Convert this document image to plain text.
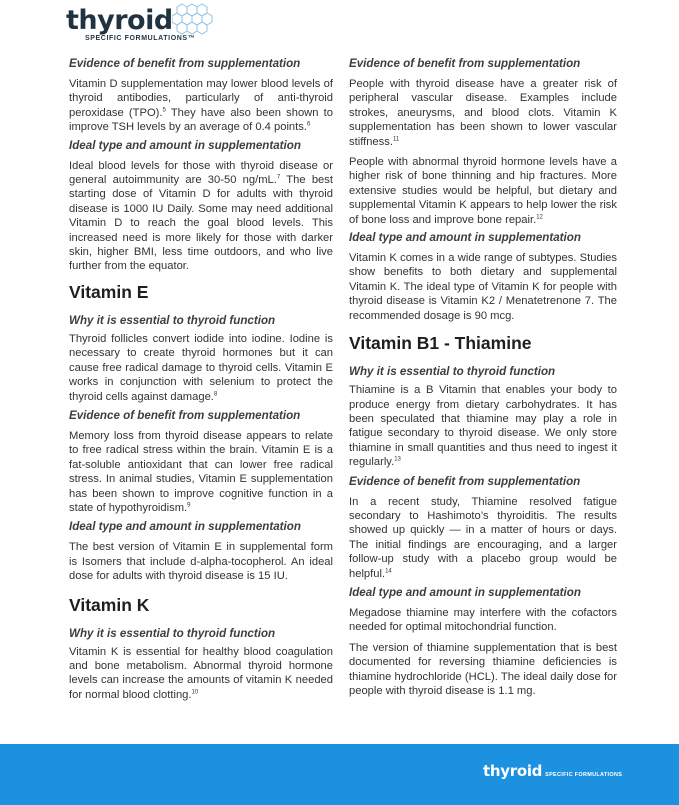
thyroid
SPECIFIC FORMULATIONS™
Evidence of benefit from supplementation

Vitamin D supplementation may lower blood levels of thyroid antibodies, particularly of anti-thyroid peroxidase (TPO).$^5$ They have also been shown to improve TSH levels by an average of 0.4 points.$^6$

Ideal type and amount in supplementation

Ideal blood levels for those with thyroid disease or general autoimmunity are 30-50 ng/mL.$^7$ The best starting dose of Vitamin D for adults with thyroid disease is 1000 IU Daily. Some may need additional Vitamin D to reach the goal blood levels. This increased need is more likely for those with darker skin, higher BMI, less time outdoors, and who live further from the equator.

Vitamin E
Why it is essential to thyroid function

Thyroid follicles convert iodide into iodine. Iodine is necessary to create thyroid hormones but it can cause free radical damage to thyroid cells. Vitamin E works in conjunction with selenium to protect the thyroid cells against damage.$^8$

Evidence of benefit from supplementation

Memory loss from thyroid disease appears to relate to free radical stress within the brain. Vitamin E is a fat-soluble antioxidant that can lower free radical stress. In animal studies, Vitamin E supplementation has been shown to improve cognitive function in a state of hypothyroidism.$^9$

Ideal type and amount in supplementation

The best version of Vitamin E in supplemental form is Isomers that include d-alpha-tocopherol. An ideal dose for adults with thyroid disease is 15 IU.

Vitamin K
Why it is essential to thyroid function

Vitamin K is essential for healthy blood coagulation and bone metabolism. Abnormal thyroid hormone levels can increase the amounts of vitamin K needed for normal blood clotting.$^{10}$

Evidence of benefit from supplementation

People with thyroid disease have a greater risk of peripheral vascular disease. Examples include strokes, aneurysms, and blood clots. Vitamin K supplementation has been shown to lower vascular stiffness.$^{11}$

People with abnormal thyroid hormone levels have a higher risk of bone thinning and hip fractures. More extensive studies would be helpful, but dietary and supplemental Vitamin K appears to help lower the risk of bone loss and improve bone repair.$^{12}$

Ideal type and amount in supplementation

Vitamin K comes in a wide range of subtypes. Studies show benefits to both dietary and supplemental Vitamin K. The ideal type of Vitamin K for people with thyroid disease is Vitamin K2 / Menatetrenone 7. The recommended dosage is 90 mcg.

Vitamin B1 - Thiamine
Why it is essential to thyroid function

Thiamine is a B Vitamin that enables your body to produce energy from dietary carbohydrates. It has been speculated that thiamine may play a role in fatigue secondary to thyroid disease. We only store thiamine in small quantities and thus need to ingest it regularly.$^{13}$

Evidence of benefit from supplementation

In a recent study, Thiamine resolved fatigue secondary to Hashimoto’s thyroiditis. The results showed up quickly — in a matter of hours or days. The initial findings are encouraging, and a larger follow-up study with a placebo group would be helpful.$^{14}$

Ideal type and amount in supplementation

Megadose thiamine may interfere with the cofactors needed for optimal mitochondrial function.

The version of thiamine supplementation that is best documented for reversing thiamine deficiencies is thiamine hydrochloride (HCL). The ideal daily dose for people with thyroid disease is 1.1 mg.

thyroid SPECIFIC FORMULATIONS
